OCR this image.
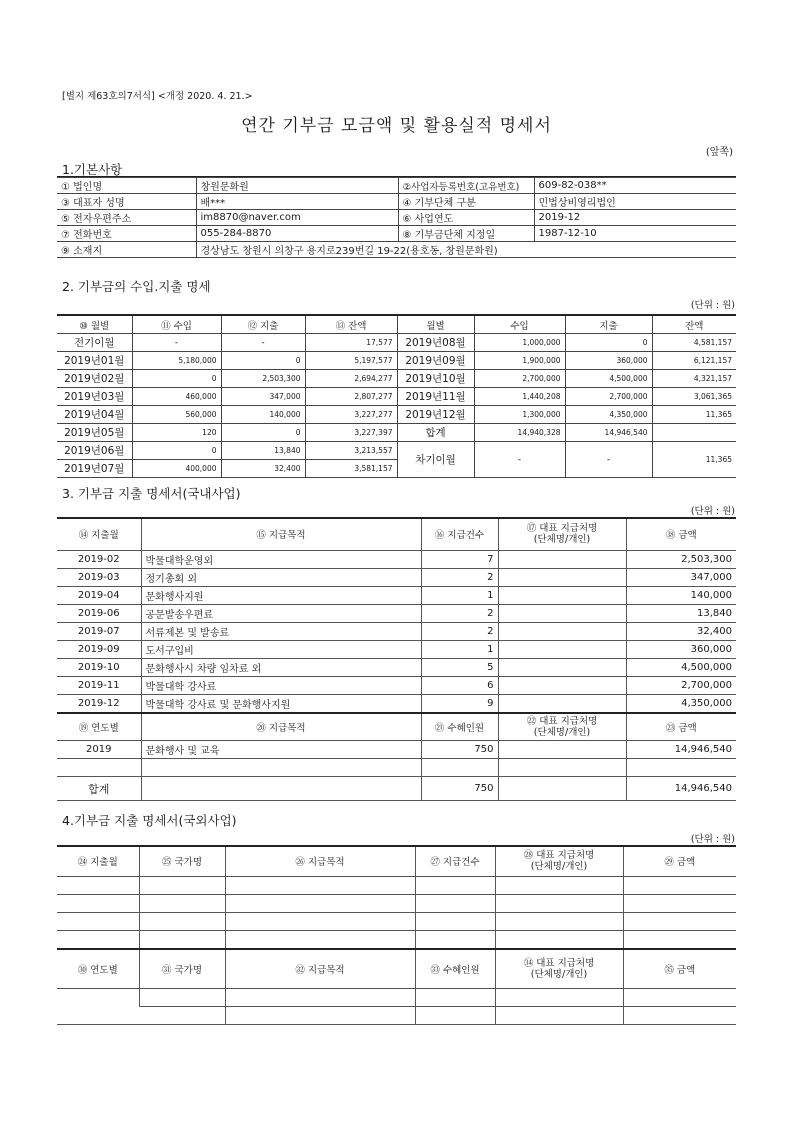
[별지 제63호의7서식] <개정 2020. 4. 21.>
연간 기부금 모금액 및 활용실적 명세서
(앞쪽)
1.기본사항
① 법인명	창원문화원	②사업자등록번호(고유번호)	609-82-038**
③ 대표자 성명	배***	④ 기부단체 구분	민법상비영리법인
⑤ 전자우편주소	im8870@naver.com	⑥ 사업연도	2019-12
⑦ 전화번호	055-284-8870	⑧ 기부금단체 지정일	1987-12-10
⑨ 소재지	경상남도 창원시 의창구 용지로239번길 19-22(용호동, 창원문화원)		
2. 기부금의 수입.지출 명세
(단위 : 원)
⑩ 월별	⑪ 수입	⑫ 지출	⑬ 잔액	월별	수입	지출	잔액
전기이월	-	-	17,577	2019년08월	1,000,000	0	4,581,157
2019년01월	5,180,000	0	5,197,577	2019년09월	1,900,000	360,000	6,121,157
2019년02월	0	2,503,300	2,694,277	2019년10월	2,700,000	4,500,000	4,321,157
2019년03월	460,000	347,000	2,807,277	2019년11월	1,440,208	2,700,000	3,061,365
2019년04월	560,000	140,000	3,227,277	2019년12월	1,300,000	4,350,000	11,365
2019년05월	120	0	3,227,397	합계	14,940,328	14,946,540	
2019년06월	0	13,840	3,213,557	차기이월	-	-	11,365
2019년07월	400,000	32,400	3,581,157				
3. 기부금 지출 명세서(국내사업)
(단위 : 원)
⑭ 지출월	⑮ 지급목적	⑯ 지급건수	⑰ 대표 지급처명
(단체명/개인)	⑱ 금액
2019-02	박물대학운영외	7		2,503,300
2019-03	정기총회 외	2		347,000
2019-04	문화행사지원	1		140,000
2019-06	공문발송우편료	2		13,840
2019-07	서류제본 및 발송료	2		32,400
2019-09	도서구입비	1		360,000
2019-10	문화행사시 차량 임차료 외	5		4,500,000
2019-11	박물대학 강사료	6		2,700,000
2019-12	박물대학 강사료 및 문화행사지원	9		4,350,000
⑲ 연도별	⑳ 지급목적	㉑ 수혜인원	㉒ 대표 지급처명
(단체명/개인)	㉓ 금액
2019	문화행사 및 교육	750		14,946,540

합계		750		14,946,540
4.기부금 지출 명세서(국외사업)
(단위 : 원)
㉔ 지출월	㉕ 국가명	㉖ 지급목적	㉗ 지급건수	㉘ 대표 지급처명
(단체명/개인)	㉙ 금액

㉚ 연도별	㉛ 국가명	㉜ 지급목적	㉝ 수혜인원	㉞ 대표 지급처명
(단체명/개인)	㉟ 금액
